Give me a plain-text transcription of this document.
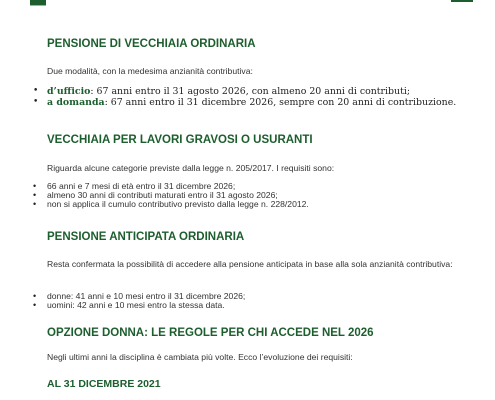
PENSIONE DI VECCHIAIA ORDINARIA

Due modalità, con la medesima anzianità contributiva:

• d’ufficio: 67 anni entro il 31 agosto 2026, con almeno 20 anni di contributi;
• a domanda: 67 anni entro il 31 dicembre 2026, sempre con 20 anni di contribuzione.
VECCHIAIA PER LAVORI GRAVOSI O USURANTI

Riguarda alcune categorie previste dalla legge n. 205/2017. I requisiti sono:

• 66 anni e 7 mesi di età entro il 31 dicembre 2026;
• almeno 30 anni di contributi maturati entro il 31 agosto 2026;
• non si applica il cumulo contributivo previsto dalla legge n. 228/2012.
PENSIONE ANTICIPATA ORDINARIA

Resta confermata la possibilità di accedere alla pensione anticipata in base alla sola anzianità contributiva:

• donne: 41 anni e 10 mesi entro il 31 dicembre 2026;
• uomini: 42 anni e 10 mesi entro la stessa data.
OPZIONE DONNA: LE REGOLE PER CHI ACCEDE NEL 2026

Negli ultimi anni la disciplina è cambiata più volte. Ecco l’evoluzione dei requisiti:

AL 31 DICEMBRE 2021
